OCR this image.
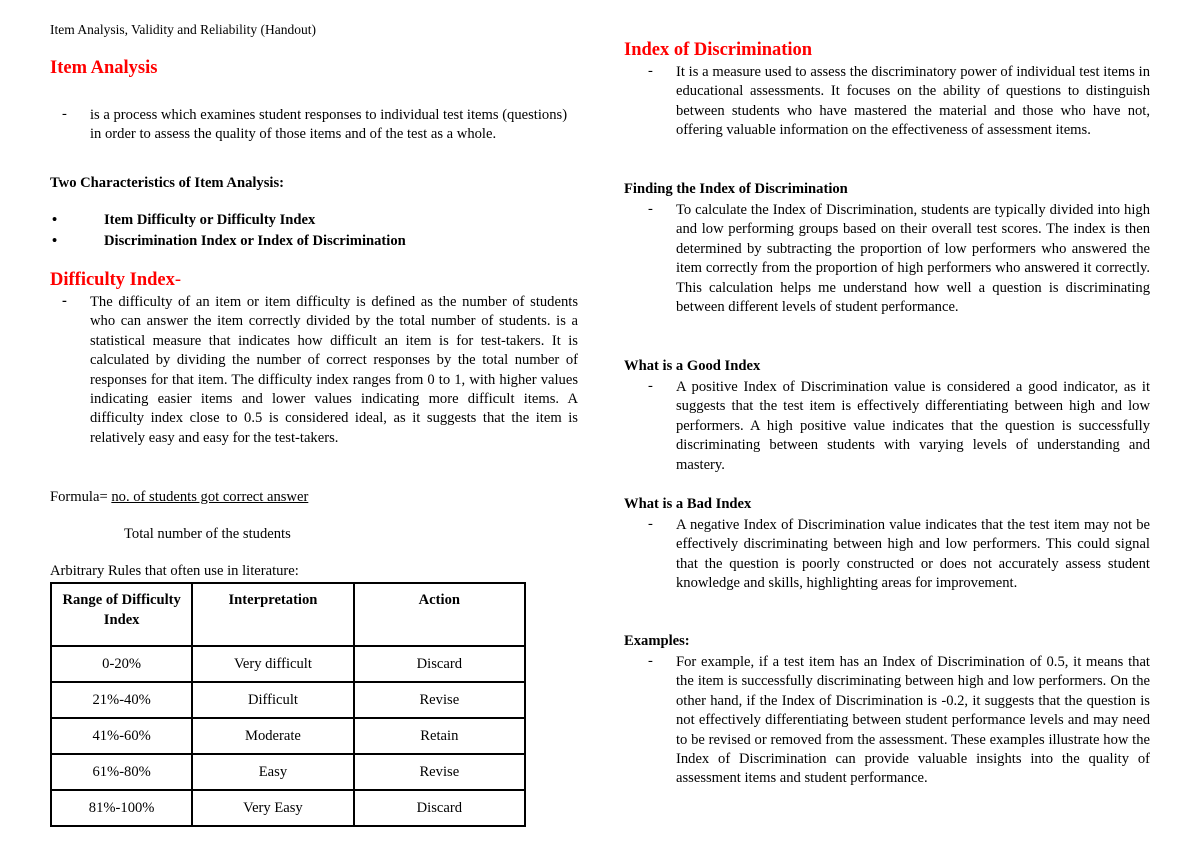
Item Analysis, Validity and Reliability (Handout)
Item Analysis
-	is a process which examines student responses to individual test items (questions) in order to assess the quality of those items and of the test as a whole.
Two Characteristics of Item Analysis:
•	Item Difficulty or Difficulty Index
•	Discrimination Index or Index of Discrimination
Difficulty Index-
-	The difficulty of an item or item difficulty is defined as the number of students who can answer the item correctly divided by the total number of students. is a statistical measure that indicates how difficult an item is for test-takers. It is calculated by dividing the number of correct responses by the total number of responses for that item. The difficulty index ranges from 0 to 1, with higher values indicating easier items and lower values indicating more difficult items. A difficulty index close to 0.5 is considered ideal, as it suggests that the item is relatively easy and easy for the test-takers.
Formula= no. of students got correct answer
Total number of the students
Arbitrary Rules that often use in literature:
Range of Difficulty Index	Interpretation	Action
0-20%	Very difficult	Discard
21%-40%	Difficult	Revise
41%-60%	Moderate	Retain
61%-80%	Easy	Revise
81%-100%	Very Easy	Discard
Index of Discrimination
-	It is a measure used to assess the discriminatory power of individual test items in educational assessments. It focuses on the ability of questions to distinguish between students who have mastered the material and those who have not, offering valuable information on the effectiveness of assessment items.
Finding the Index of Discrimination
-	To calculate the Index of Discrimination, students are typically divided into high and low performing groups based on their overall test scores. The index is then determined by subtracting the proportion of low performers who answered the item correctly from the proportion of high performers who answered it correctly. This calculation helps me understand how well a question is discriminating between different levels of student performance.
What is a Good Index
-	A positive Index of Discrimination value is considered a good indicator, as it suggests that the test item is effectively differentiating between high and low performers. A high positive value indicates that the question is successfully discriminating between students with varying levels of understanding and mastery.
What is a Bad Index
-	A negative Index of Discrimination value indicates that the test item may not be effectively discriminating between high and low performers. This could signal that the question is poorly constructed or does not accurately assess student knowledge and skills, highlighting areas for improvement.
Examples:
-	For example, if a test item has an Index of Discrimination of 0.5, it means that the item is successfully discriminating between high and low performers. On the other hand, if the Index of Discrimination is -0.2, it suggests that the question is not effectively differentiating between student performance levels and may need to be revised or removed from the assessment. These examples illustrate how the Index of Discrimination can provide valuable insights into the quality of assessment items and student performance.
